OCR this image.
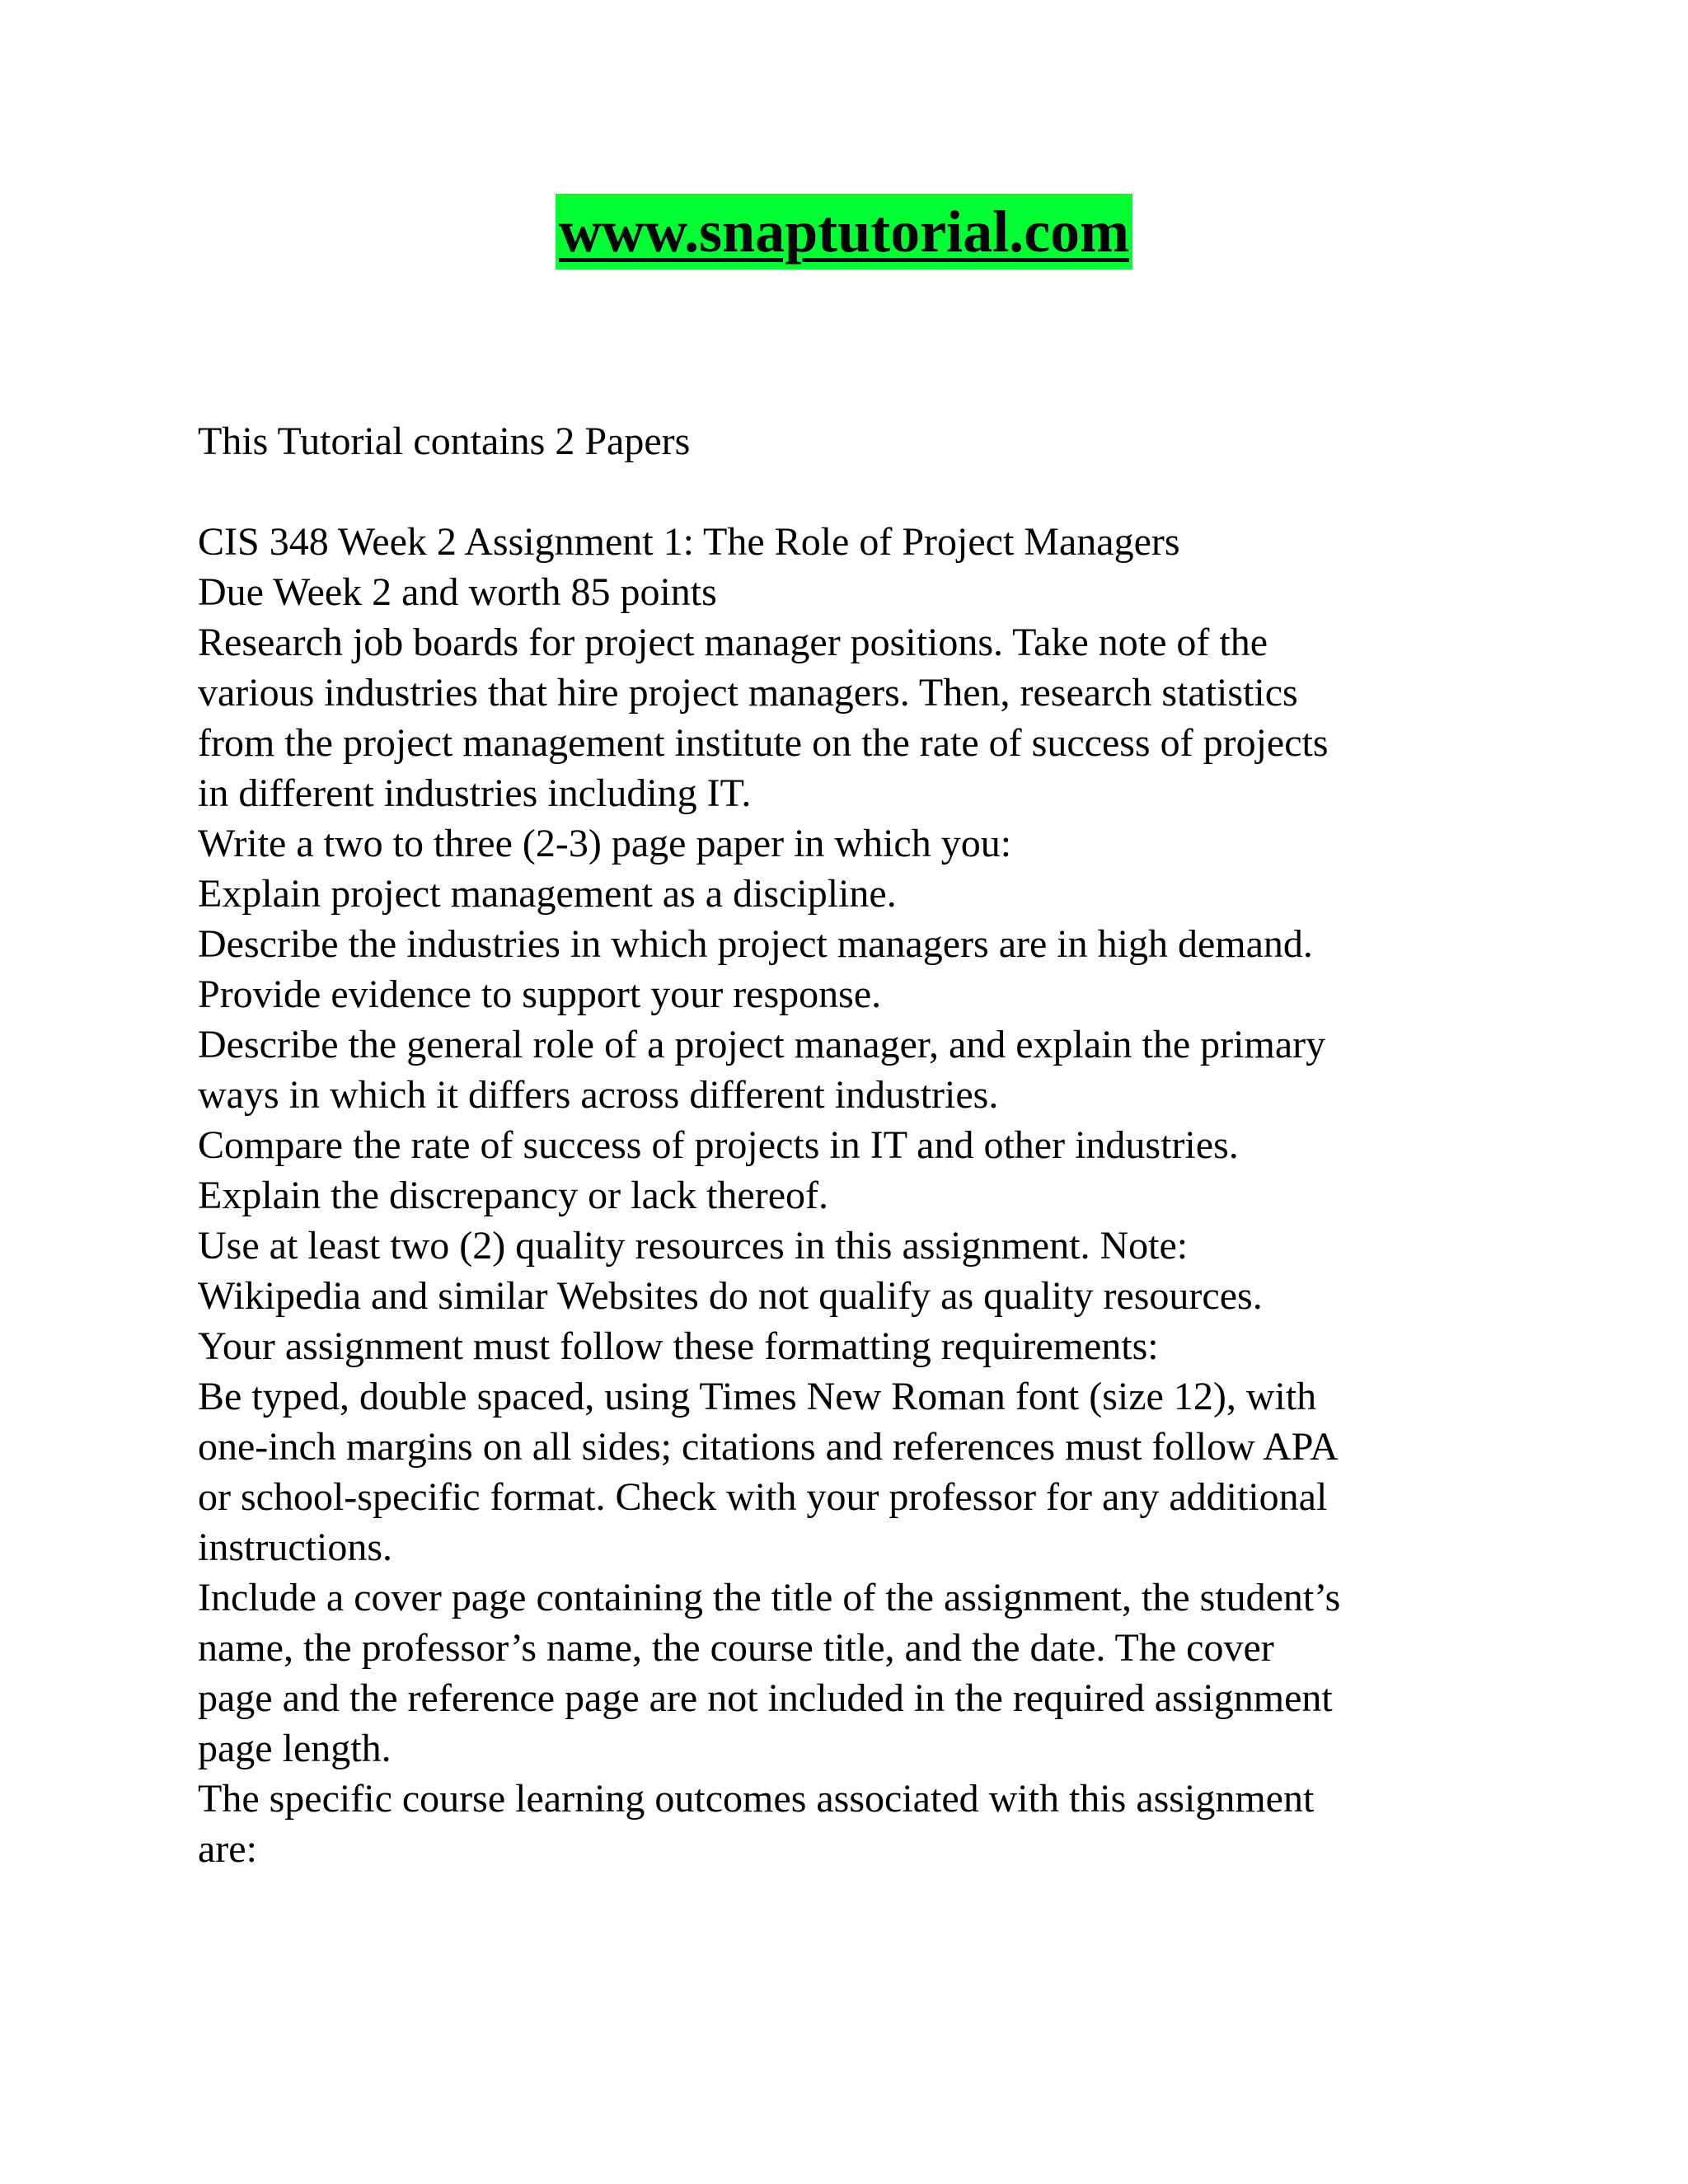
www.snaptutorial.com
This Tutorial contains 2 Papers
CIS 348 Week 2 Assignment 1: The Role of Project Managers
Due Week 2 and worth 85 points
Research job boards for project manager positions. Take note of the
various industries that hire project managers. Then, research statistics
from the project management institute on the rate of success of projects
in different industries including IT.
Write a two to three (2-3) page paper in which you:
Explain project management as a discipline.
Describe the industries in which project managers are in high demand.
Provide evidence to support your response.
Describe the general role of a project manager, and explain the primary
ways in which it differs across different industries.
Compare the rate of success of projects in IT and other industries.
Explain the discrepancy or lack thereof.
Use at least two (2) quality resources in this assignment. Note:
Wikipedia and similar Websites do not qualify as quality resources.
Your assignment must follow these formatting requirements:
Be typed, double spaced, using Times New Roman font (size 12), with
one-inch margins on all sides; citations and references must follow APA
or school-specific format. Check with your professor for any additional
instructions.
Include a cover page containing the title of the assignment, the student’s
name, the professor’s name, the course title, and the date. The cover
page and the reference page are not included in the required assignment
page length.
The specific course learning outcomes associated with this assignment
are:
